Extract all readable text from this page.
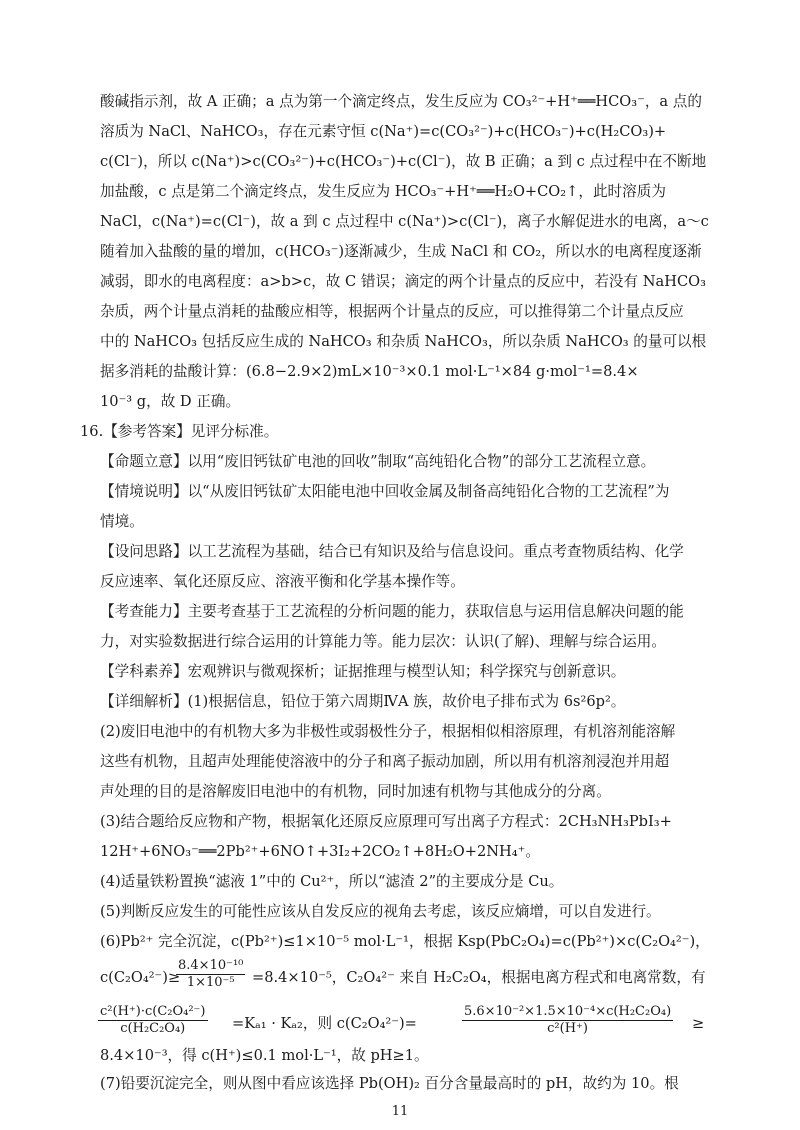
酸碱指示剂，故 A 正确；a 点为第一个滴定终点，发生反应为 CO₃²⁻+H⁺══HCO₃⁻，a 点的
溶质为 NaCl、NaHCO₃，存在元素守恒 c(Na⁺)=c(CO₃²⁻)+c(HCO₃⁻)+c(H₂CO₃)+
c(Cl⁻)，所以 c(Na⁺)>c(CO₃²⁻)+c(HCO₃⁻)+c(Cl⁻)，故 B 正确；a 到 c 点过程中在不断地
加盐酸，c 点是第二个滴定终点，发生反应为 HCO₃⁻+H⁺══H₂O+CO₂↑，此时溶质为
NaCl，c(Na⁺)=c(Cl⁻)，故 a 到 c 点过程中 c(Na⁺)>c(Cl⁻)，离子水解促进水的电离，a～c
随着加入盐酸的量的增加，c(HCO₃⁻)逐渐减少，生成 NaCl 和 CO₂，所以水的电离程度逐渐
减弱，即水的电离程度：a>b>c，故 C 错误；滴定的两个计量点的反应中，若没有 NaHCO₃
杂质，两个计量点消耗的盐酸应相等，根据两个计量点的反应，可以推得第二个计量点反应
中的 NaHCO₃ 包括反应生成的 NaHCO₃ 和杂质 NaHCO₃，所以杂质 NaHCO₃ 的量可以根
据多消耗的盐酸计算：(6.8−2.9×2)mL×10⁻³×0.1 mol·L⁻¹×84 g·mol⁻¹=8.4×
10⁻³ g，故 D 正确。
16.【参考答案】见评分标准。
【命题立意】以用“废旧钙钛矿电池的回收”制取“高纯铅化合物”的部分工艺流程立意。
【情境说明】以“从废旧钙钛矿太阳能电池中回收金属及制备高纯铅化合物的工艺流程”为
情境。
【设问思路】以工艺流程为基础，结合已有知识及给与信息设问。重点考查物质结构、化学
反应速率、氧化还原反应、溶液平衡和化学基本操作等。
【考查能力】主要考查基于工艺流程的分析问题的能力，获取信息与运用信息解决问题的能
力，对实验数据进行综合运用的计算能力等。能力层次：认识(了解)、理解与综合运用。
【学科素养】宏观辨识与微观探析；证据推理与模型认知；科学探究与创新意识。
【详细解析】(1)根据信息，铅位于第六周期ⅣA 族，故价电子排布式为 6s²6p²。
(2)废旧电池中的有机物大多为非极性或弱极性分子，根据相似相溶原理，有机溶剂能溶解
这些有机物，且超声处理能使溶液中的分子和离子振动加剧，所以用有机溶剂浸泡并用超
声处理的目的是溶解废旧电池中的有机物，同时加速有机物与其他成分的分离。
(3)结合题给反应物和产物，根据氧化还原反应原理可写出离子方程式：2CH₃NH₃PbI₃+
12H⁺+6NO₃⁻══2Pb²⁺+6NO↑+3I₂+2CO₂↑+8H₂O+2NH₄⁺。
(4)适量铁粉置换“滤液 1”中的 Cu²⁺，所以“滤渣 2”的主要成分是 Cu。
(5)判断反应发生的可能性应该从自发反应的视角去考虑，该反应熵增，可以自发进行。
(6)Pb²⁺ 完全沉淀，c(Pb²⁺)≤1×10⁻⁵ mol·L⁻¹，根据 Ksp(PbC₂O₄)=c(Pb²⁺)×c(C₂O₄²⁻)，
c(C₂O₄²⁻)≥
$\frac{\text{8.4×10⁻¹⁰}}{\text{1×10⁻⁵}} =8.4\times 10^{-5}$，C₂O₄²⁻ 来自 H₂C₂O₄，根据电离方程式和电离常数，有
$\frac{\text{c²(H⁺)·c(C₂O₄²⁻)}}{\text{c(H₂C₂O₄)}} =K_{a1} \cdot K_{a2}$，则 c(C₂O₄²⁻)=	$\frac{\text{5.6×10⁻²×1.5×10⁻⁴×c(H₂C₂O₄)}}{\text{c²(H⁺)}}$ ≥
8.4×10⁻³，得 c(H⁺)≤0.1 mol·L⁻¹，故 pH≥1。
(7)铅要沉淀完全，则从图中看应该选择 Pb(OH)₂ 百分含量最高时的 pH，故约为 10。根
11
